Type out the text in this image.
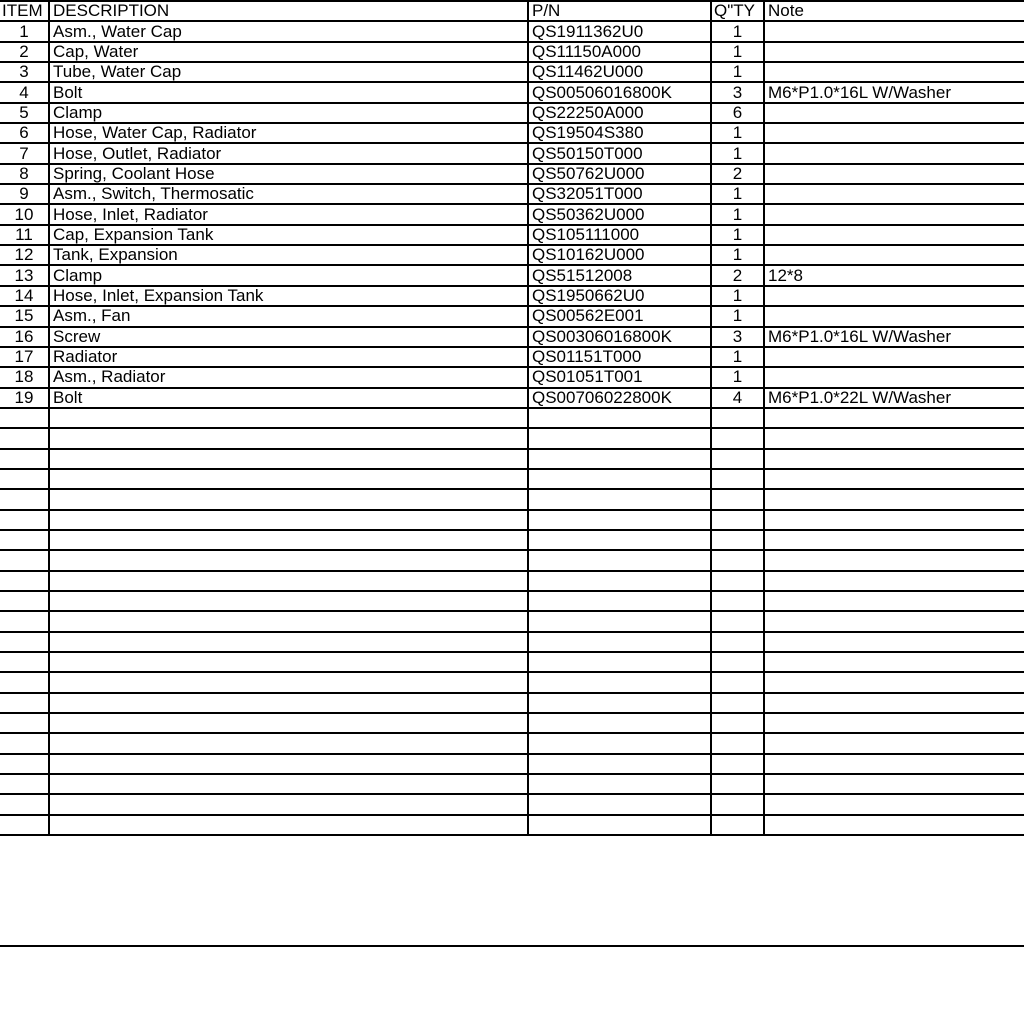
ITEM	DESCRIPTION	P/N	Q"TY	Note
1	Asm., Water Cap	QS1911362U0	1	
2	Cap, Water	QS11150A000	1	
3	Tube, Water Cap	QS11462U000	1	
4	Bolt	QS00506016800K	3	M6*P1.0*16L W/Washer
5	Clamp	QS22250A000	6	
6	Hose, Water Cap, Radiator	QS19504S380	1	
7	Hose, Outlet, Radiator	QS50150T000	1	
8	Spring, Coolant Hose	QS50762U000	2	
9	Asm., Switch, Thermosatic	QS32051T000	1	
10	Hose, Inlet, Radiator	QS50362U000	1	
11	Cap, Expansion Tank	QS105111000	1	
12	Tank, Expansion	QS10162U000	1	
13	Clamp	QS51512008	2	12*8
14	Hose, Inlet, Expansion Tank	QS1950662U0	1	
15	Asm., Fan	QS00562E001	1	
16	Screw	QS00306016800K	3	M6*P1.0*16L W/Washer
17	Radiator	QS01151T000	1	
18	Asm., Radiator	QS01051T001	1	
19	Bolt	QS00706022800K	4	M6*P1.0*22L W/Washer
